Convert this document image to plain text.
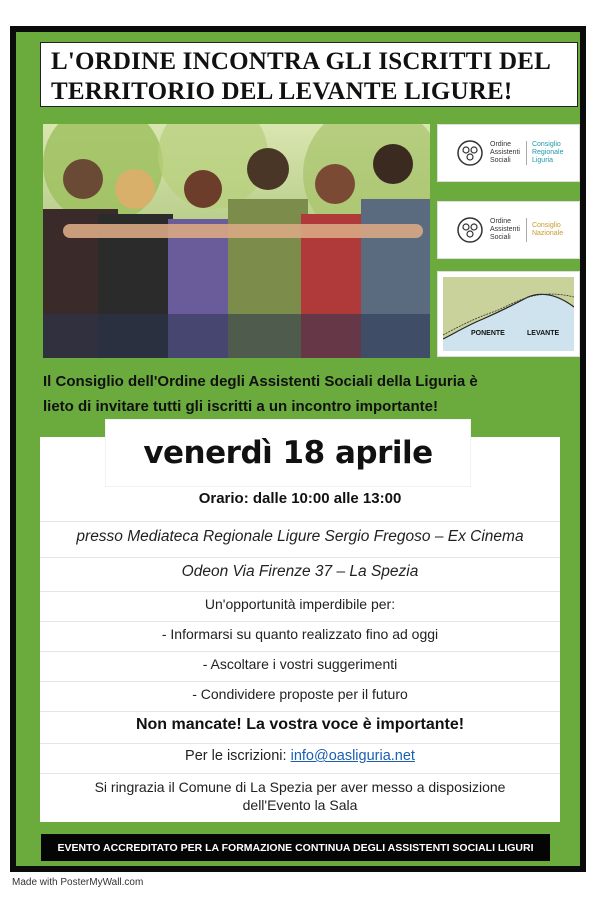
L'ORDINE INCONTRA GLI ISCRITTI DEL
TERRITORIO DEL LEVANTE LIGURE!
Ordine
Assistenti
Sociali
Consiglio
Regionale
Liguria
Ordine
Assistenti
Sociali
Consiglio
Nazionale
PONENTE	LEVANTE
Il Consiglio dell'Ordine degli Assistenti Sociali della Liguria è
lieto di invitare tutti gli iscritti a un incontro importante!
venerdì 18 aprile
Orario: dalle 10:00 alle 13:00
presso Mediateca Regionale Ligure Sergio Fregoso – Ex Cinema
Odeon Via Firenze 37 – La Spezia
Un'opportunità imperdibile per:
- Informarsi su quanto realizzato fino ad oggi
- Ascoltare i vostri suggerimenti
- Condividere proposte per il futuro
Non mancate! La vostra voce è importante!
Per le iscrizioni: info@oasliguria.net
Si ringrazia il Comune di La Spezia per aver messo a disposizione
dell'Evento la Sala
EVENTO ACCREDITATO PER LA FORMAZIONE CONTINUA DEGLI ASSISTENTI SOCIALI LIGURI
Made with PosterMyWall.com
